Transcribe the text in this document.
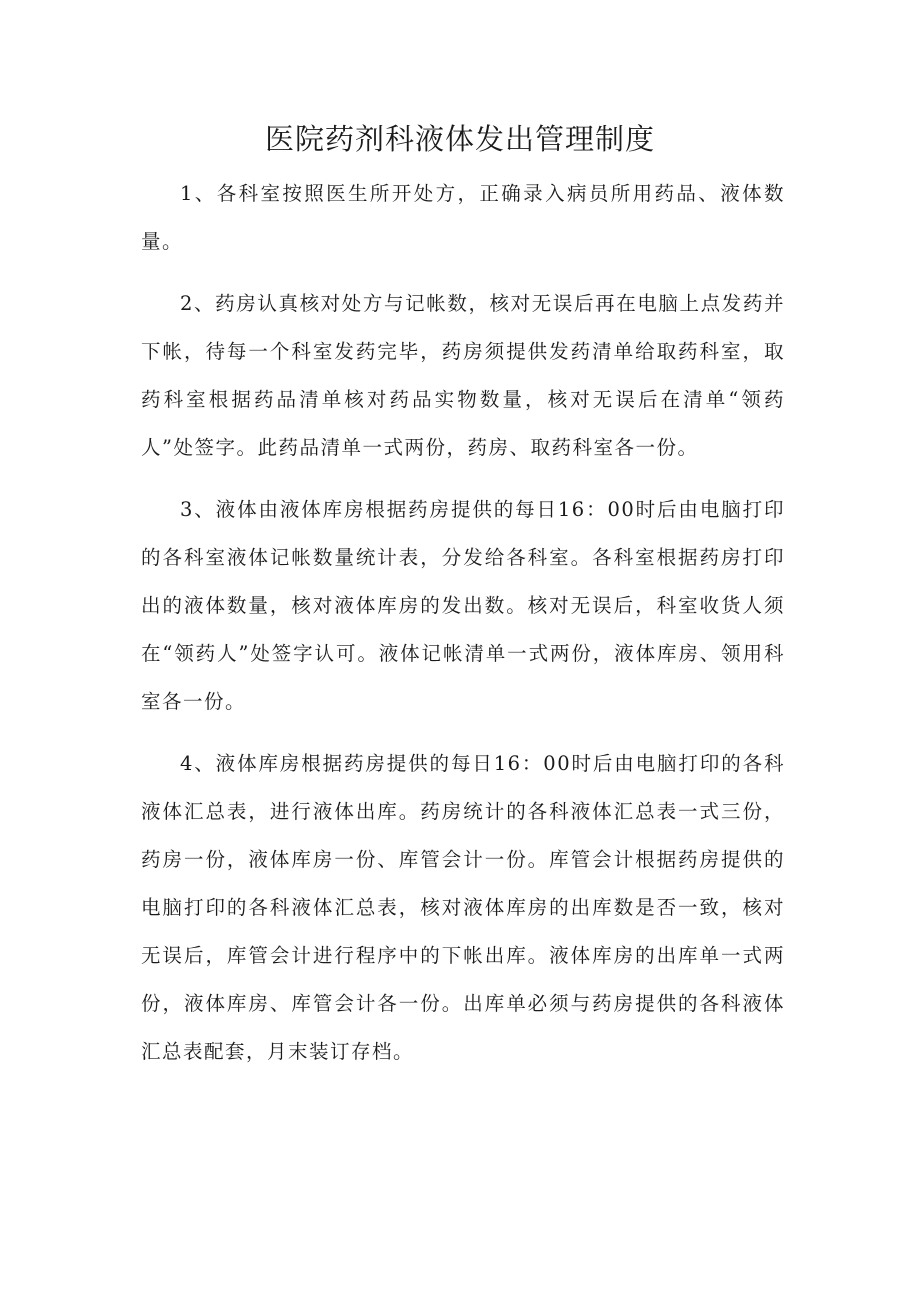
医院药剂科液体发出管理制度

1、各科室按照医生所开处方，正确录入病员所用药品、液体数量。

2、药房认真核对处方与记帐数，核对无误后再在电脑上点发药并下帐，待每一个科室发药完毕，药房须提供发药清单给取药科室，取药科室根据药品清单核对药品实物数量，核对无误后在清单“领药人”处签字。此药品清单一式两份，药房、取药科室各一份。

3、液体由液体库房根据药房提供的每日16：00时后由电脑打印的各科室液体记帐数量统计表，分发给各科室。各科室根据药房打印出的液体数量，核对液体库房的发出数。核对无误后，科室收货人须在“领药人”处签字认可。液体记帐清单一式两份，液体库房、领用科室各一份。

4、液体库房根据药房提供的每日16：00时后由电脑打印的各科液体汇总表，进行液体出库。药房统计的各科液体汇总表一式三份，药房一份，液体库房一份、库管会计一份。库管会计根据药房提供的电脑打印的各科液体汇总表，核对液体库房的出库数是否一致，核对无误后，库管会计进行程序中的下帐出库。液体库房的出库单一式两份，液体库房、库管会计各一份。出库单必须与药房提供的各科液体汇总表配套，月末装订存档。
